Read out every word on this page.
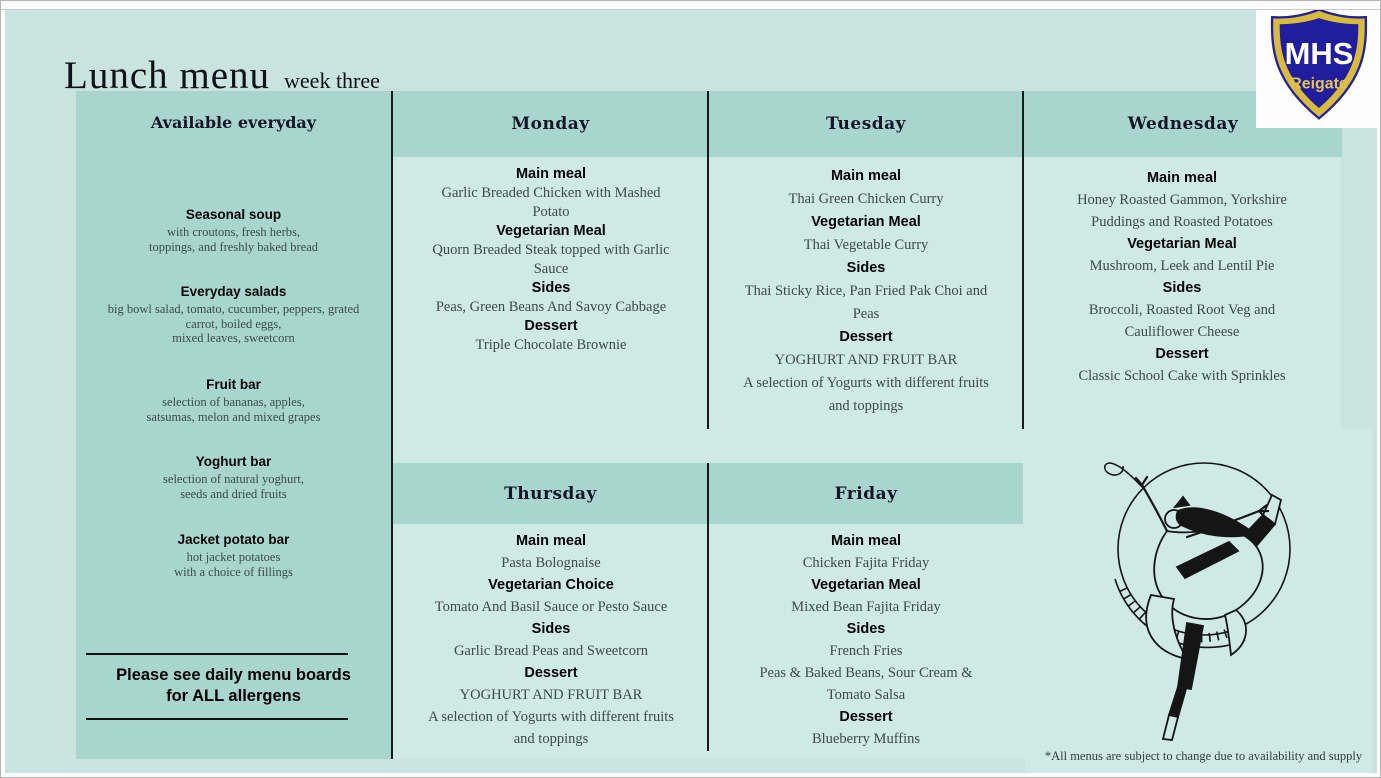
Lunch menu week three
Monday	Tuesday	Wednesday
Thursday	Friday
Available everyday
Seasonal soup
with croutons, fresh herbs,
toppings, and freshly baked bread
Everyday salads
big bowl salad, tomato, cucumber, peppers, grated
carrot, boiled eggs,
mixed leaves, sweetcorn
Fruit bar
selection of bananas, apples,
satsumas, melon and mixed grapes
Yoghurt bar
selection of natural yoghurt,
seeds and dried fruits
Jacket potato bar
hot jacket potatoes
with a choice of fillings
Please see daily menu boards
for ALL allergens
Main meal
Garlic Breaded Chicken with Mashed
Potato
Vegetarian Meal
Quorn Breaded Steak topped with Garlic
Sauce
Sides
Peas, Green Beans And Savoy Cabbage
Dessert
Triple Chocolate Brownie
Main meal
Thai Green Chicken Curry
Vegetarian Meal
Thai Vegetable Curry
Sides
Thai Sticky Rice, Pan Fried Pak Choi and
Peas
Dessert
YOGHURT AND FRUIT BAR
A selection of Yogurts with different fruits
and toppings
Main meal
Honey Roasted Gammon, Yorkshire
Puddings and Roasted Potatoes
Vegetarian Meal
Mushroom, Leek and Lentil Pie
Sides
Broccoli, Roasted Root Veg and
Cauliflower Cheese
Dessert
Classic School Cake with Sprinkles
Main meal
Pasta Bolognaise
Vegetarian Choice
Tomato And Basil Sauce or Pesto Sauce
Sides
Garlic Bread Peas and Sweetcorn
Dessert
YOGHURT AND FRUIT BAR
A selection of Yogurts with different fruits
and toppings
Main meal
Chicken Fajita Friday
Vegetarian Meal
Mixed Bean Fajita Friday
Sides
French Fries
Peas & Baked Beans, Sour Cream &
Tomato Salsa
Dessert
Blueberry Muffins
MHS
Reigate
*All menus are subject to change due to availability and supply
